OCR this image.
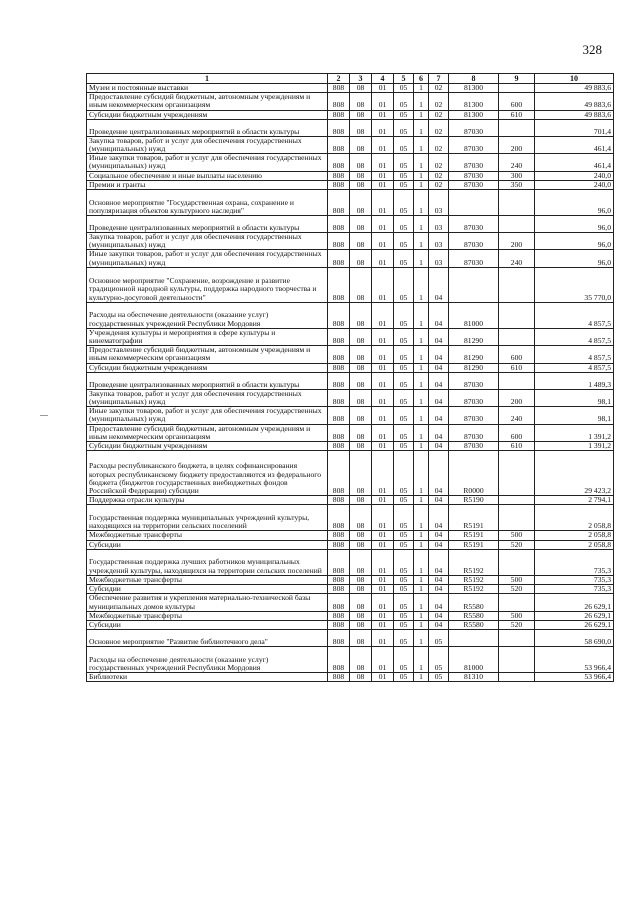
328
1	2	3	4	5	6	7	8	9	10
Музеи и постоянные выставки	808	08	01	05	1	02	81300		49 883,6
Предоставление субсидий бюджетным, автономным учреждениям и иным некоммерческим организациям	808	08	01	05	1	02	81300	600	49 883,6
Субсидии бюджетным учреждениям	808	08	01	05	1	02	81300	610	49 883,6
Проведение централизованных мероприятий в области культуры	808	08	01	05	1	02	87030		701,4
Закупка товаров, работ и услуг для обеспечения государственных (муниципальных) нужд	808	08	01	05	1	02	87030	200	461,4
Иные закупки товаров, работ и услуг для обеспечения государственных (муниципальных) нужд	808	08	01	05	1	02	87030	240	461,4
Социальное обеспечение и иные выплаты населению	808	08	01	05	1	02	87030	300	240,0
Премии и гранты	808	08	01	05	1	02	87030	350	240,0
Основное мероприятие "Государственная охрана, сохранение и популяризация объектов культурного наследия"	808	08	01	05	1	03			96,0
Проведение централизованных мероприятий в области культуры	808	08	01	05	1	03	87030		96,0
Закупка товаров, работ и услуг для обеспечения государственных (муниципальных) нужд	808	08	01	05	1	03	87030	200	96,0
Иные закупки товаров, работ и услуг для обеспечения государственных (муниципальных) нужд	808	08	01	05	1	03	87030	240	96,0
Основное мероприятие "Сохранение, возрождение и развитие традиционной народной культуры, поддержка народного творчества и культурно-досуговой деятельности"	808	08	01	05	1	04			35 770,0
Расходы на обеспечение деятельности (оказание услуг) государственных учреждений Республики Мордовия	808	08	01	05	1	04	81000		4 857,5
Учреждения культуры и мероприятия в сфере культуры и кинематографии	808	08	01	05	1	04	81290		4 857,5
Предоставление субсидий бюджетным, автономным учреждениям и иным некоммерческим организациям	808	08	01	05	1	04	81290	600	4 857,5
Субсидии бюджетным учреждениям	808	08	01	05	1	04	81290	610	4 857,5
Проведение централизованных мероприятий в области культуры	808	08	01	05	1	04	87030		1 489,3
Закупка товаров, работ и услуг для обеспечения государственных (муниципальных) нужд	808	08	01	05	1	04	87030	200	98,1
Иные закупки товаров, работ и услуг для обеспечения государственных (муниципальных) нужд	808	08	01	05	1	04	87030	240	98,1
Предоставление субсидий бюджетным, автономным учреждениям и иным некоммерческим организациям	808	08	01	05	1	04	87030	600	1 391,2
Субсидии бюджетным учреждениям	808	08	01	05	1	04	87030	610	1 391,2
Расходы республиканского бюджета, в целях софинансирования которых республиканскому бюджету предоставляются из федерального бюджета (бюджетов государственных внебюджетных фондов Российской Федерации) субсидии	808	08	01	05	1	04	R0000		29 423,2
Поддержка отрасли культуры	808	08	01	05	1	04	R5190		2 794,1
Государственная поддержка муниципальных учреждений культуры, находящихся на территории сельских поселений	808	08	01	05	1	04	R5191		2 058,8
Межбюджетные трансферты	808	08	01	05	1	04	R5191	500	2 058,8
Субсидии	808	08	01	05	1	04	R5191	520	2 058,8
Государственная поддержка лучших работников муниципальных учреждений культуры, находящихся на территории сельских поселений	808	08	01	05	1	04	R5192		735,3
Межбюджетные трансферты	808	08	01	05	1	04	R5192	500	735,3
Субсидии	808	08	01	05	1	04	R5192	520	735,3
Обеспечение развития и укрепления материально-технической базы муниципальных домов культуры	808	08	01	05	1	04	R5580		26 629,1
Межбюджетные трансферты	808	08	01	05	1	04	R5580	500	26 629,1
Субсидии	808	08	01	05	1	04	R5580	520	26 629,1
Основное мероприятие "Развитие библиотечного дела"	808	08	01	05	1	05			58 690,0
Расходы на обеспечение деятельности (оказание услуг) государственных учреждений Республики Мордовия	808	08	01	05	1	05	81000		53 966,4
Библиотеки	808	08	01	05	1	05	81310		53 966,4
